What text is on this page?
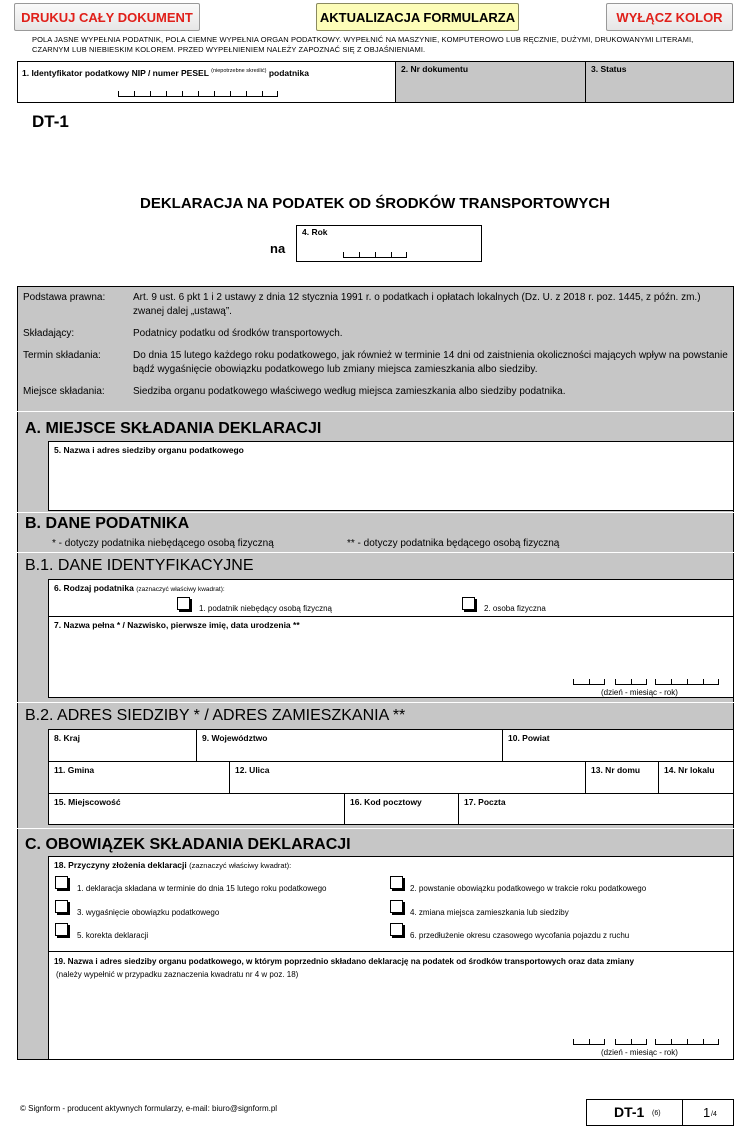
DRUKUJ CAŁY DOKUMENT	AKTUALIZACJA FORMULARZA	WYŁĄCZ KOLOR
POLA JASNE WYPEŁNIA PODATNIK, POLA CIEMNE WYPEŁNIA ORGAN PODATKOWY. WYPEŁNIĆ NA MASZYNIE, KOMPUTEROWO LUB RĘCZNIE, DUŻYMI, DRUKOWANYMI LITERAMI,
CZARNYM LUB NIEBIESKIM KOLOREM. PRZED WYPEŁNIENIEM NALEŻY ZAPOZNAĆ SIĘ Z OBJAŚNIENIAMI.
1. Identyfikator podatkowy NIP / numer PESEL $^{(niepotrzebne skreślić)}$ podatnika	2. Nr dokumentu	3. Status
DT-1
DEKLARACJA NA PODATEK OD ŚRODKÓW TRANSPORTOWYCH
na
4. Rok
Podstawa prawna:	Art. 9 ust. 6 pkt 1 i 2 ustawy z dnia 12 stycznia 1991 r. o podatkach i opłatach lokalnych (Dz. U. z 2018 r. poz. 1445, z późn. zm.) zwanej dalej „ustawą”.
Składający:	Podatnicy podatku od środków transportowych.
Termin składania:	Do dnia 15 lutego każdego roku podatkowego, jak również w terminie 14 dni od zaistnienia okoliczności mających wpływ na powstanie bądź wygaśnięcie obowiązku podatkowego lub zmiany miejsca zamieszkania albo siedziby.
Miejsce składania:	Siedziba organu podatkowego właściwego według miejsca zamieszkania albo siedziby podatnika.
A. MIEJSCE SKŁADANIA DEKLARACJI
5. Nazwa i adres siedziby organu podatkowego
B. DANE PODATNIKA
* - dotyczy podatnika niebędącego osobą fizyczną	** - dotyczy podatnika będącego osobą fizyczną
B.1. DANE IDENTYFIKACYJNE
6. Rodzaj podatnika (zaznaczyć właściwy kwadrat):
1. podatnik niebędący osobą fizyczną	2. osoba fizyczna
7. Nazwa pełna * / Nazwisko, pierwsze imię, data urodzenia **
(dzień - miesiąc - rok)
B.2. ADRES SIEDZIBY * / ADRES ZAMIESZKANIA **
8. Kraj	9. Województwo	10. Powiat
11. Gmina	12. Ulica	13. Nr domu	14. Nr lokalu
15. Miejscowość	16. Kod pocztowy	17. Poczta
C. OBOWIĄZEK SKŁADANIA DEKLARACJI
18. Przyczyny złożenia deklaracji (zaznaczyć właściwy kwadrat):
1. deklaracja składana w terminie do dnia 15 lutego roku podatkowego	2. powstanie obowiązku podatkowego w trakcie roku podatkowego
3. wygaśnięcie obowiązku podatkowego	4. zmiana miejsca zamieszkania lub siedziby
5. korekta deklaracji	6. przedłużenie okresu czasowego wycofania pojazdu z ruchu
19. Nazwa i adres siedziby organu podatkowego, w którym poprzednio składano deklarację na podatek od środków transportowych oraz data zmiany
(należy wypełnić w przypadku zaznaczenia kwadratu nr 4 w poz. 18)
(dzień - miesiąc - rok)
© Signform - producent aktywnych formularzy, e-mail: biuro@signform.pl	DT-1 (6)	1 /4
